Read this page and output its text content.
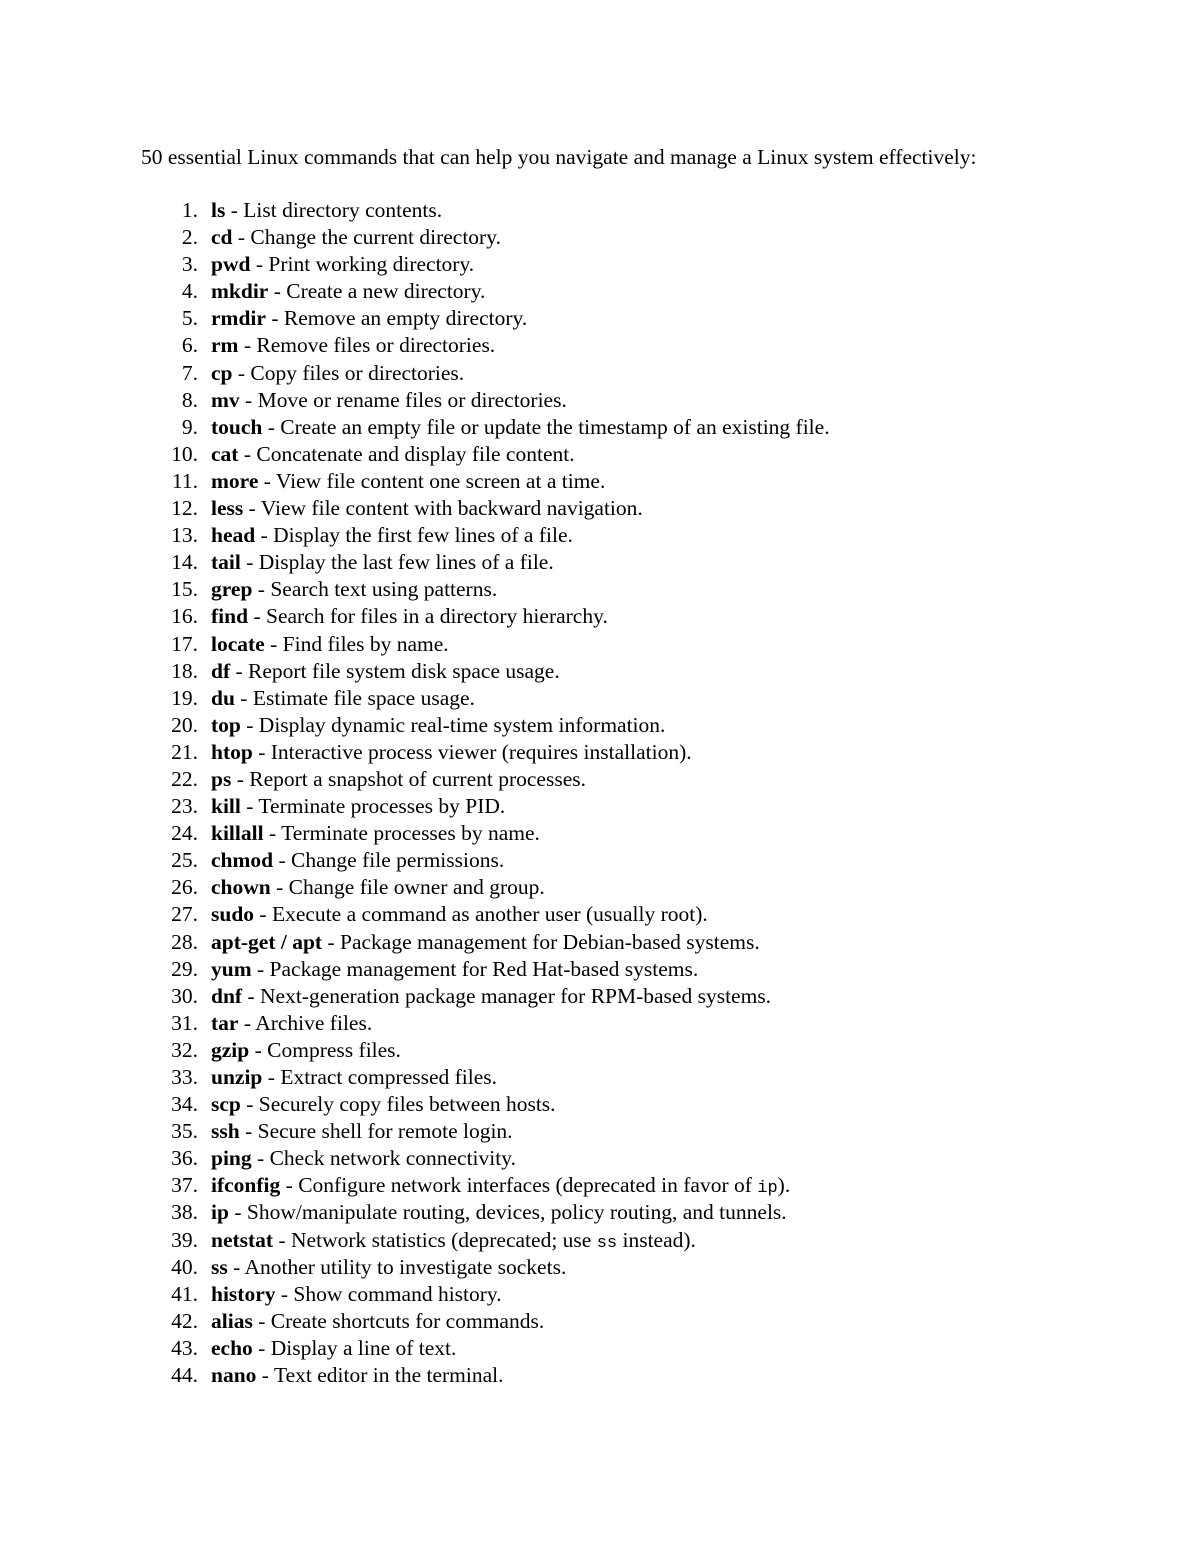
50 essential Linux commands that can help you navigate and manage a Linux system effectively:
1. ls - List directory contents.
2. cd - Change the current directory.
3. pwd - Print working directory.
4. mkdir - Create a new directory.
5. rmdir - Remove an empty directory.
6. rm - Remove files or directories.
7. cp - Copy files or directories.
8. mv - Move or rename files or directories.
9. touch - Create an empty file or update the timestamp of an existing file.
10. cat - Concatenate and display file content.
11. more - View file content one screen at a time.
12. less - View file content with backward navigation.
13. head - Display the first few lines of a file.
14. tail - Display the last few lines of a file.
15. grep - Search text using patterns.
16. find - Search for files in a directory hierarchy.
17. locate - Find files by name.
18. df - Report file system disk space usage.
19. du - Estimate file space usage.
20. top - Display dynamic real-time system information.
21. htop - Interactive process viewer (requires installation).
22. ps - Report a snapshot of current processes.
23. kill - Terminate processes by PID.
24. killall - Terminate processes by name.
25. chmod - Change file permissions.
26. chown - Change file owner and group.
27. sudo - Execute a command as another user (usually root).
28. apt-get / apt - Package management for Debian-based systems.
29. yum - Package management for Red Hat-based systems.
30. dnf - Next-generation package manager for RPM-based systems.
31. tar - Archive files.
32. gzip - Compress files.
33. unzip - Extract compressed files.
34. scp - Securely copy files between hosts.
35. ssh - Secure shell for remote login.
36. ping - Check network connectivity.
37. ifconfig - Configure network interfaces (deprecated in favor of ip).
38. ip - Show/manipulate routing, devices, policy routing, and tunnels.
39. netstat - Network statistics (deprecated; use ss instead).
40. ss - Another utility to investigate sockets.
41. history - Show command history.
42. alias - Create shortcuts for commands.
43. echo - Display a line of text.
44. nano - Text editor in the terminal.
